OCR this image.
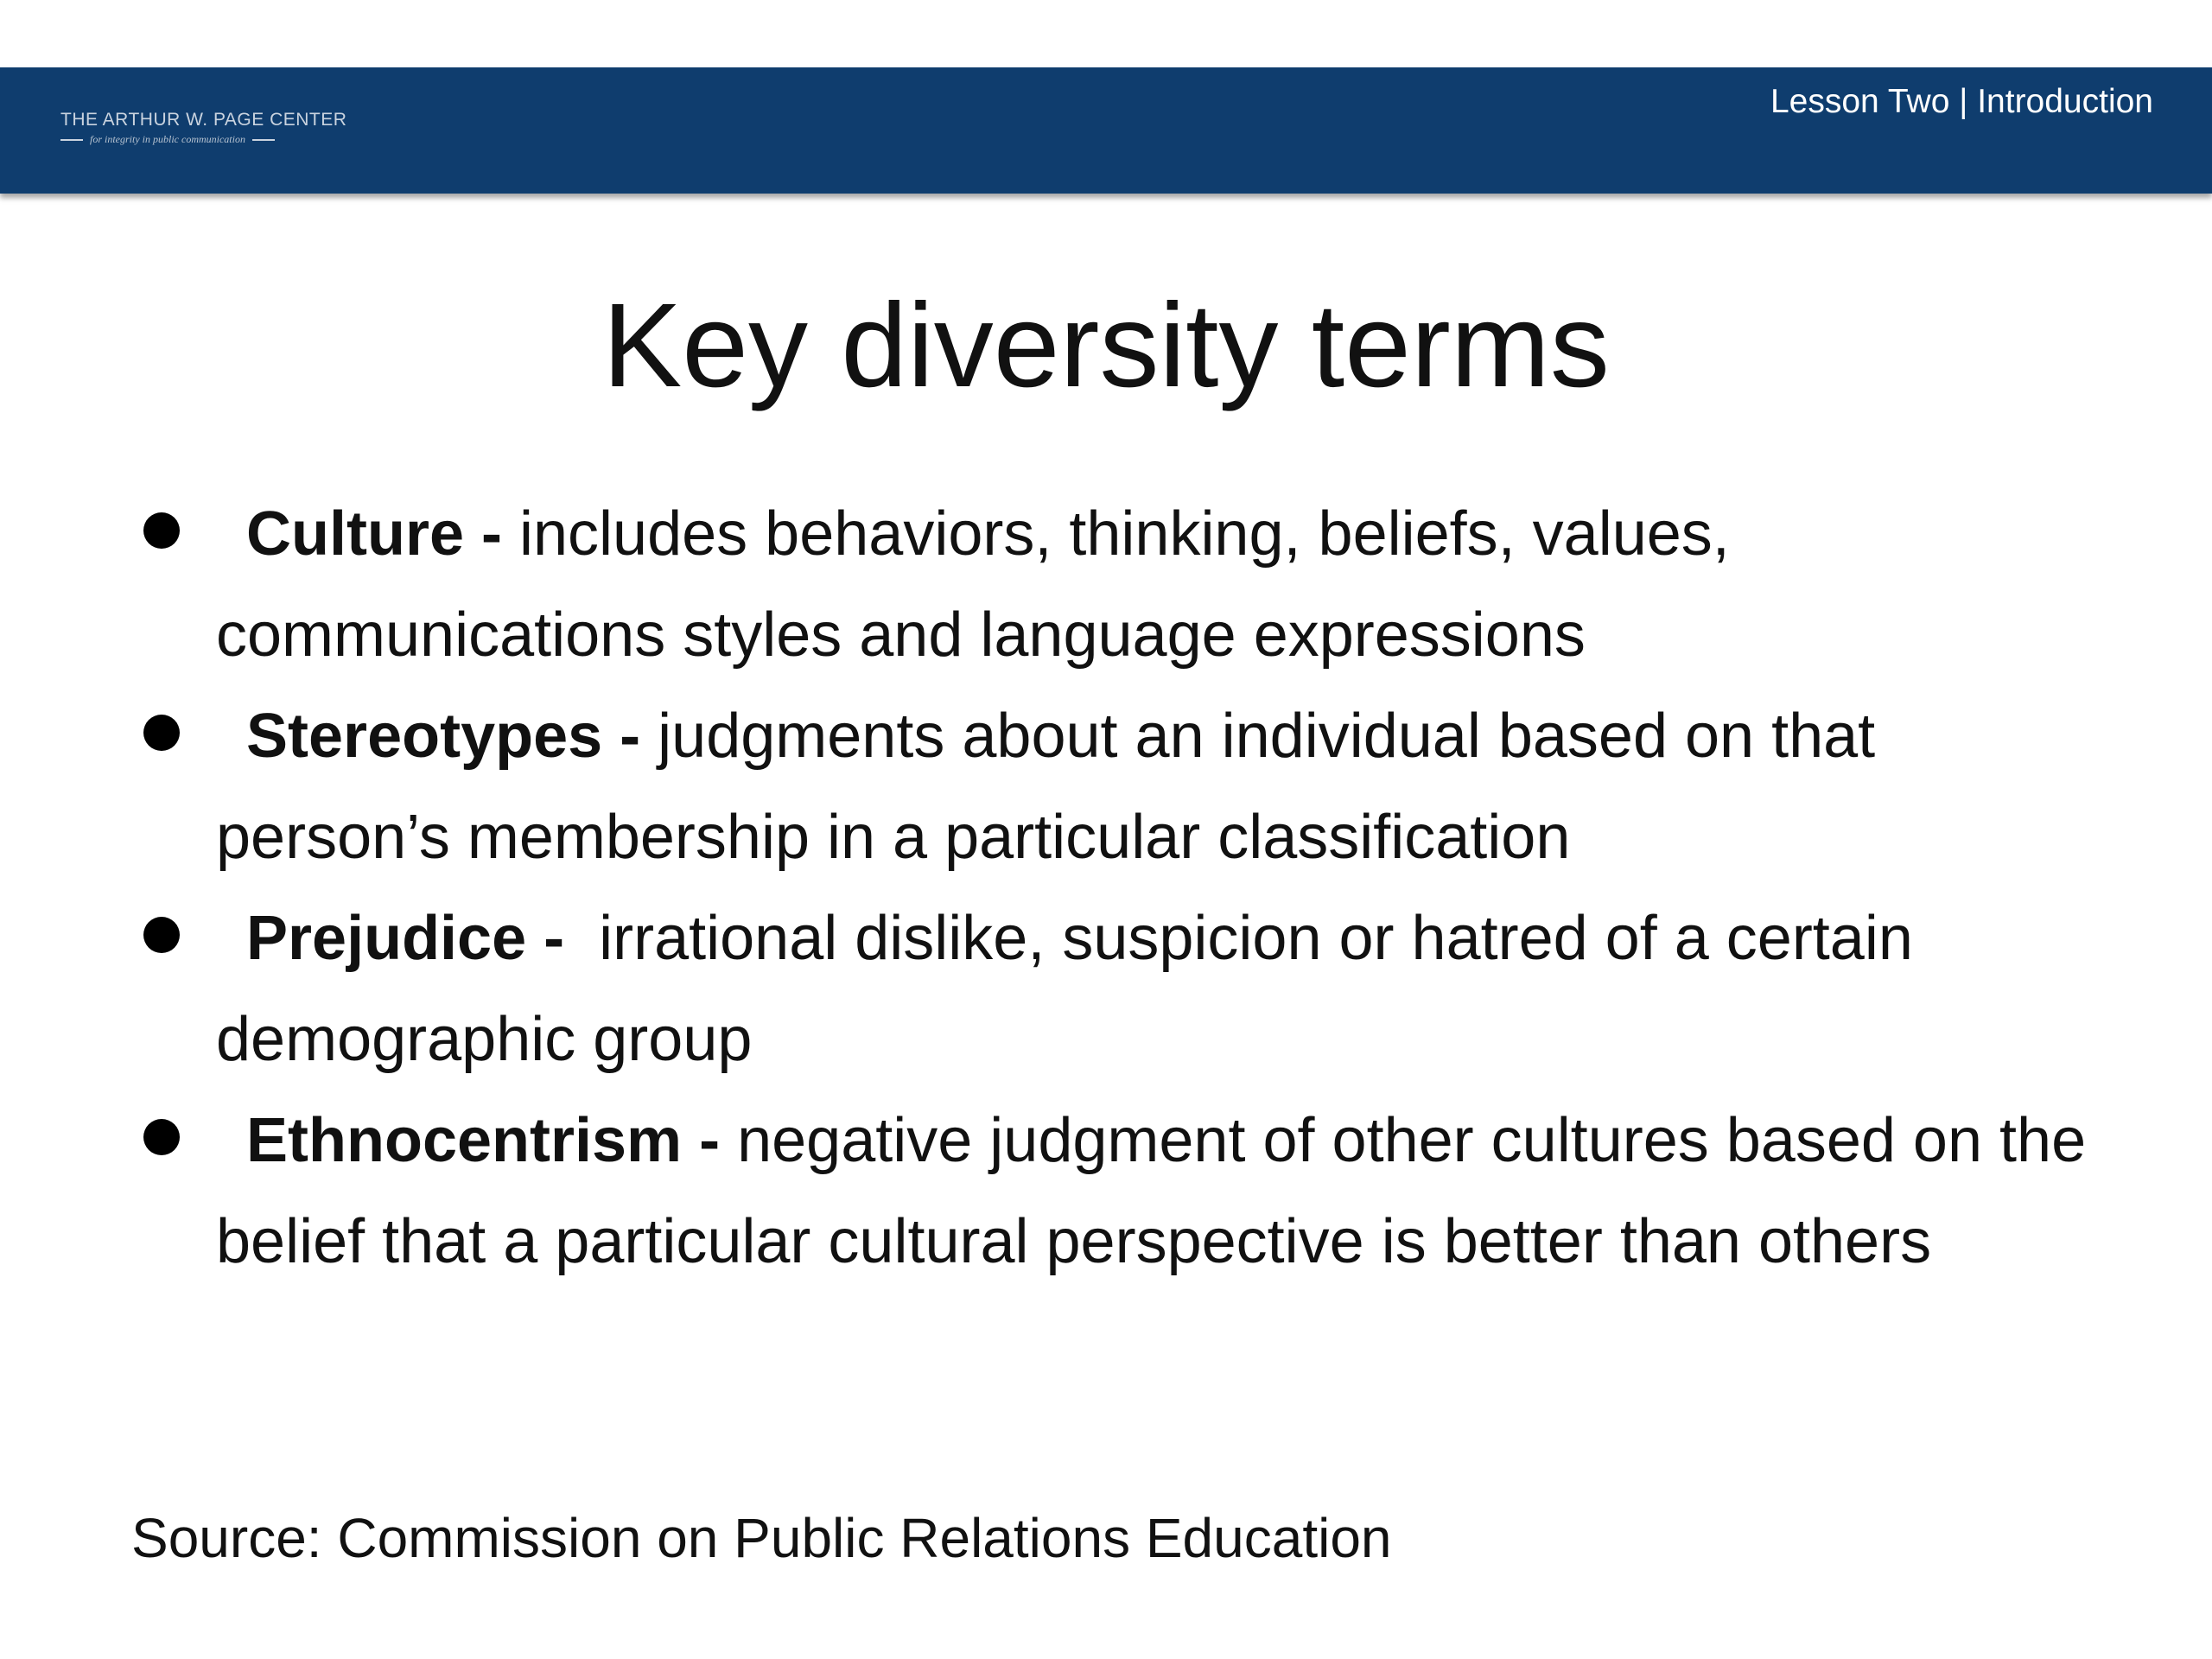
THE ARTHUR W. PAGE CENTER
for integrity in public communication
Lesson Two | Introduction
Key diversity terms
Culture - includes behaviors, thinking, beliefs, values, communications styles and language expressions
Stereotypes - judgments about an individual based on that person’s membership in a particular classification
Prejudice -  irrational dislike, suspicion or hatred of a certain demographic group
Ethnocentrism - negative judgment of other cultures based on the belief that a particular cultural perspective is better than others
Source: Commission on Public Relations Education
